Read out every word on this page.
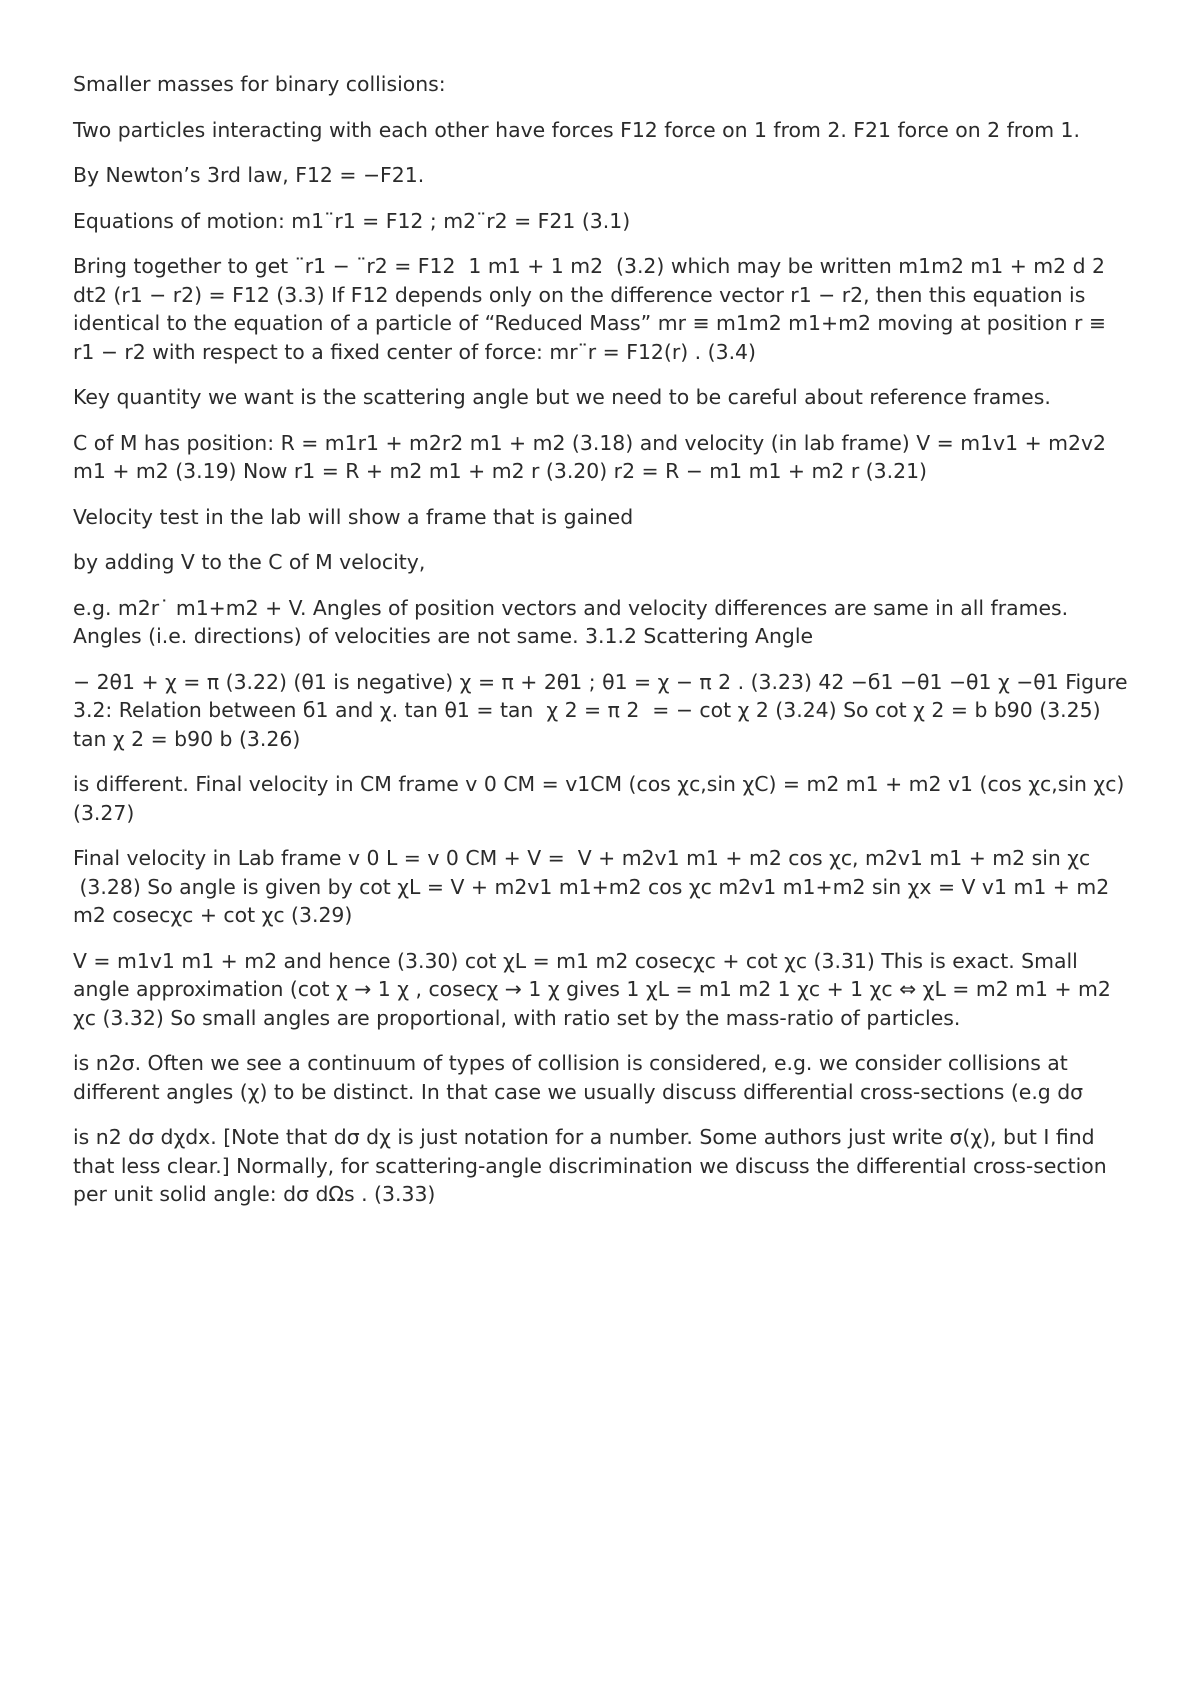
Smaller masses for binary collisions:

Two particles interacting with each other have forces F12 force on 1 from 2. F21 force on 2 from 1.

By Newton’s 3rd law, F12 = −F21.

Equations of motion: m1¨r1 = F12 ; m2¨r2 = F21 (3.1)

Bring together to get ¨r1 − ¨r2 = F12  1 m1 + 1 m2  (3.2) which may be written m1m2 m1 + m2 d 2 dt2 (r1 − r2) = F12 (3.3) If F12 depends only on the difference vector r1 − r2, then this equation is identical to the equation of a particle of “Reduced Mass” mr ≡ m1m2 m1+m2 moving at position r ≡ r1 − r2 with respect to a fixed center of force: mr¨r = F12(r) . (3.4)

Key quantity we want is the scattering angle but we need to be careful about reference frames.

C of M has position: R = m1r1 + m2r2 m1 + m2 (3.18) and velocity (in lab frame) V = m1v1 + m2v2 m1 + m2 (3.19) Now r1 = R + m2 m1 + m2 r (3.20) r2 = R − m1 m1 + m2 r (3.21)

Velocity test in the lab will show a frame that is gained

by adding V to the C of M velocity,

e.g. m2r˙ m1+m2 + V. Angles of position vectors and velocity differences are same in all frames. Angles (i.e. directions) of velocities are not same. 3.1.2 Scattering Angle

− 2θ1 + χ = π (3.22) (θ1 is negative) χ = π + 2θ1 ; θ1 = χ − π 2 . (3.23) 42 −б1 −θ1 −θ1 χ −θ1 Figure 3.2: Relation between б1 and χ. tan θ1 = tan  χ 2 = π 2  = − cot χ 2 (3.24) So cot χ 2 = b b90 (3.25) tan χ 2 = b90 b (3.26)

is different. Final velocity in CM frame v 0 CM = v1CM (cos χc,sin χC) = m2 m1 + m2 v1 (cos χc,sin χc) (3.27)

Final velocity in Lab frame v 0 L = v 0 CM + V =  V + m2v1 m1 + m2 cos χc, m2v1 m1 + m2 sin χc  (3.28) So angle is given by cot χL = V + m2v1 m1+m2 cos χc m2v1 m1+m2 sin χx = V v1 m1 + m2 m2 cosecχc + cot χc (3.29)

V = m1v1 m1 + m2 and hence (3.30) cot χL = m1 m2 cosecχc + cot χc (3.31) This is exact. Small angle approximation (cot χ → 1 χ , cosecχ → 1 χ gives 1 χL = m1 m2 1 χc + 1 χc ⇔ χL = m2 m1 + m2 χc (3.32) So small angles are proportional, with ratio set by the mass-ratio of particles.

is n2σ. Often we see a continuum of types of collision is considered, e.g. we consider collisions at different angles (χ) to be distinct. In that case we usually discuss differential cross-sections (e.g dσ

is n2 dσ dχdx. [Note that dσ dχ is just notation for a number. Some authors just write σ(χ), but I find that less clear.] Normally, for scattering-angle discrimination we discuss the differential cross-section per unit solid angle: dσ dΩs . (3.33)
